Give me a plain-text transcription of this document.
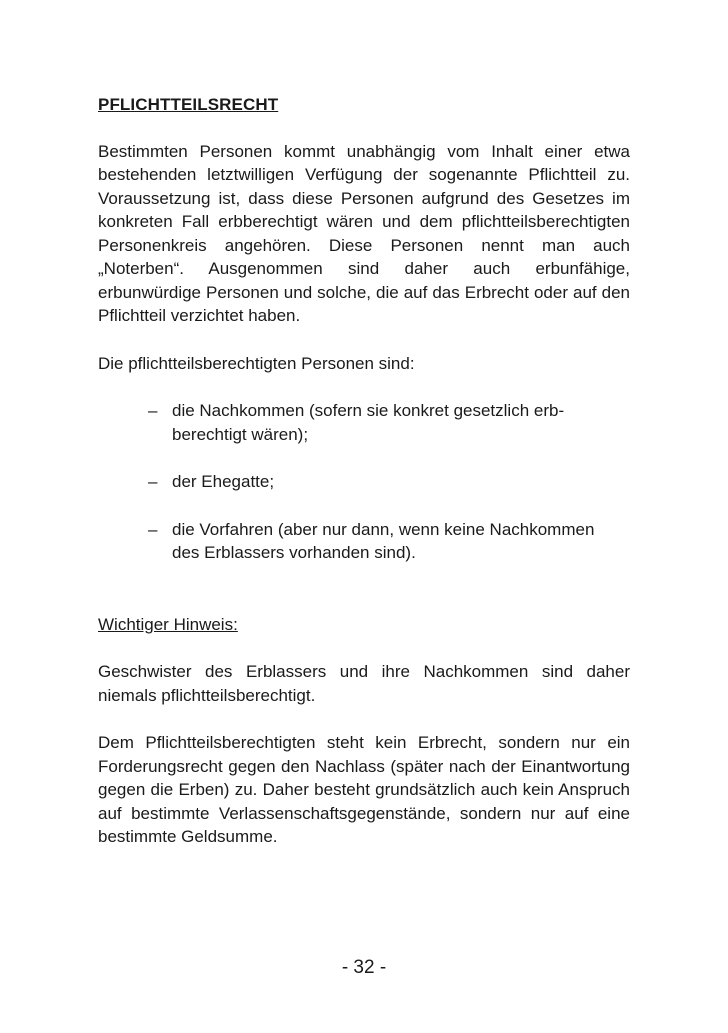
PFLICHTTEILSRECHT

Bestimmten Personen kommt unabhängig vom Inhalt einer etwa bestehenden letztwilligen Verfügung der sogenannte Pflichtteil zu. Voraussetzung ist, dass diese Personen aufgrund des Gesetzes im konkreten Fall erbberechtigt wären und dem pflichtteilsberechtigten Personenkreis angehören. Diese Personen nennt man auch „Noterben“. Ausgenommen sind daher auch erbunfähige, erbunwürdige Personen und solche, die auf das Erbrecht oder auf den Pflichtteil verzichtet haben.

Die pflichtteilsberechtigten Personen sind:

– die Nachkommen (sofern sie konkret gesetzlich erbberechtigt wären);
– der Ehegatte;
– die Vorfahren (aber nur dann, wenn keine Nachkommen des Erblassers vorhanden sind).

Wichtiger Hinweis:

Geschwister des Erblassers und ihre Nachkommen sind daher niemals pflichtteilsberechtigt.

Dem Pflichtteilsberechtigten steht kein Erbrecht, sondern nur ein Forderungsrecht gegen den Nachlass (später nach der Einantwortung gegen die Erben) zu. Daher besteht grundsätzlich auch kein Anspruch auf bestimmte Verlassenschaftsgegenstände, sondern nur auf eine bestimmte Geldsumme.

- 32 -
